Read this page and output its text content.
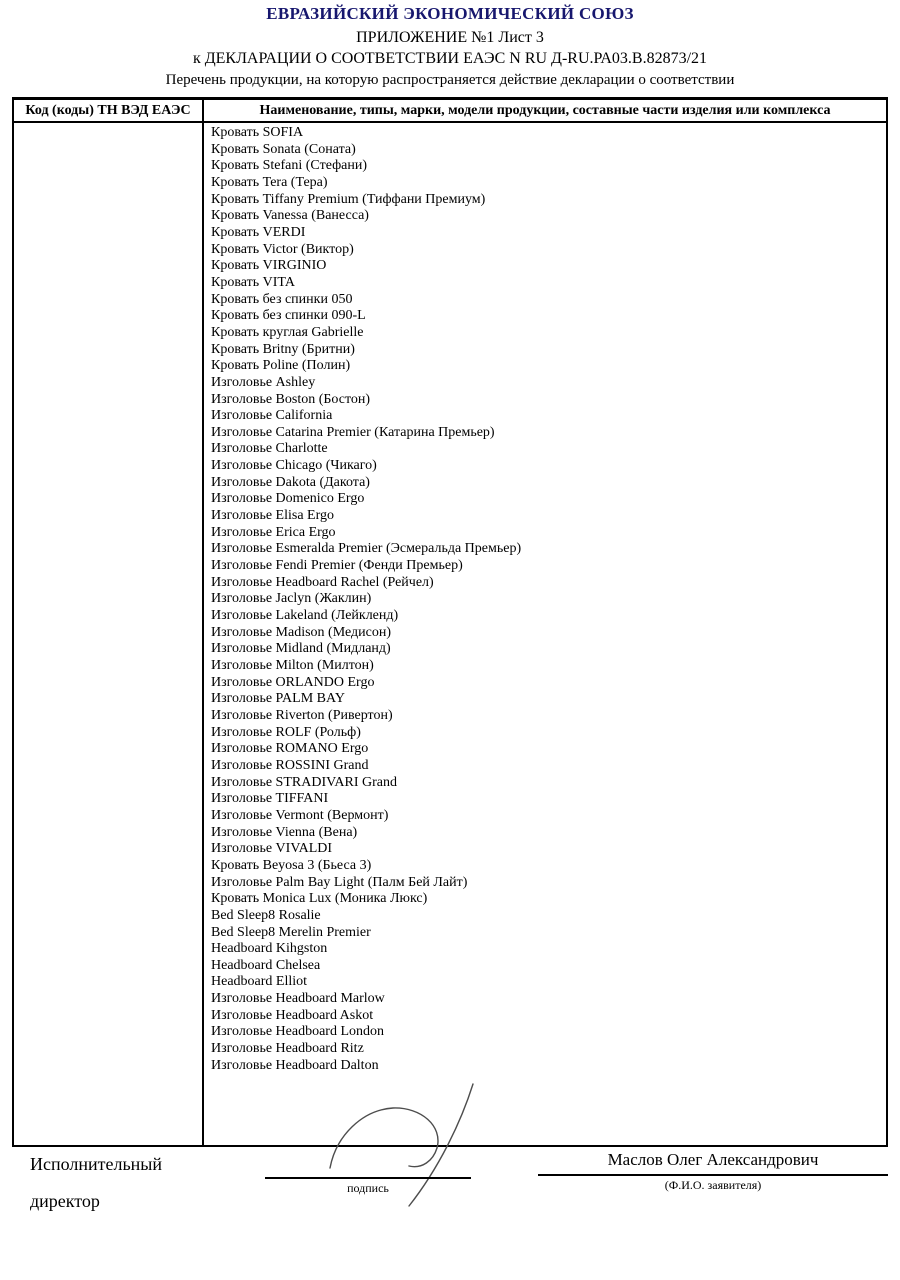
ЕВРАЗИЙСКИЙ ЭКОНОМИЧЕСКИЙ СОЮЗ
ПРИЛОЖЕНИЕ №1 Лист 3
к ДЕКЛАРАЦИИ О СООТВЕТСТВИИ ЕАЭС N RU Д-RU.РА03.В.82873/21
Перечень продукции, на которую распространяется действие декларации о соответствии
Код (коды) ТН ВЭД ЕАЭС	Наименование, типы, марки, модели продукции, составные части изделия или комплекса
Кровать SOFIA
Кровать Sonata (Соната)
Кровать Stefani (Стефани)
Кровать Tera (Тера)
Кровать Tiffany Premium (Тиффани Премиум)
Кровать Vanessa (Ванесса)
Кровать VERDI
Кровать Victor (Виктор)
Кровать VIRGINIO
Кровать VITA
Кровать без спинки 050
Кровать без спинки 090-L
Кровать круглая Gabrielle
Кровать Britny (Бритни)
Кровать Poline (Полин)
Изголовье Ashley
Изголовье Boston (Бостон)
Изголовье California
Изголовье Catarina Premier (Катарина Премьер)
Изголовье Charlotte
Изголовье Chicago (Чикаго)
Изголовье Dakota (Дакота)
Изголовье Domenico Ergo
Изголовье Elisa Ergo
Изголовье Erica Ergo
Изголовье Esmeralda Premier (Эсмеральда Премьер)
Изголовье Fendi Premier (Фенди Премьер)
Изголовье Headboard Rachel (Рейчел)
Изголовье Jaclyn (Жаклин)
Изголовье Lakeland (Лейкленд)
Изголовье Madison (Медисон)
Изголовье Midland (Мидланд)
Изголовье Milton (Милтон)
Изголовье ORLANDO Ergo
Изголовье PALM BAY
Изголовье Riverton (Ривертон)
Изголовье ROLF (Рольф)
Изголовье ROMANO Ergo
Изголовье ROSSINI Grand
Изголовье STRADIVARI Grand
Изголовье TIFFANI
Изголовье Vermont (Вермонт)
Изголовье Vienna (Вена)
Изголовье VIVALDI
Кровать Beyosa 3 (Бьеса 3)
Изголовье Palm Bay Light (Палм Бей Лайт)
Кровать Monica Lux (Моника Люкс)
Bed Sleep8 Rosalie
Bed Sleep8 Merelin Premier
Headboard Kihgston
Headboard Chelsea
Headboard Elliot
Изголовье Headboard Marlow
Изголовье Headboard Askot
Изголовье Headboard London
Изголовье Headboard Ritz
Изголовье Headboard Dalton
Исполнительный директор
подпись
Маслов Олег Александрович
(Ф.И.О. заявителя)
